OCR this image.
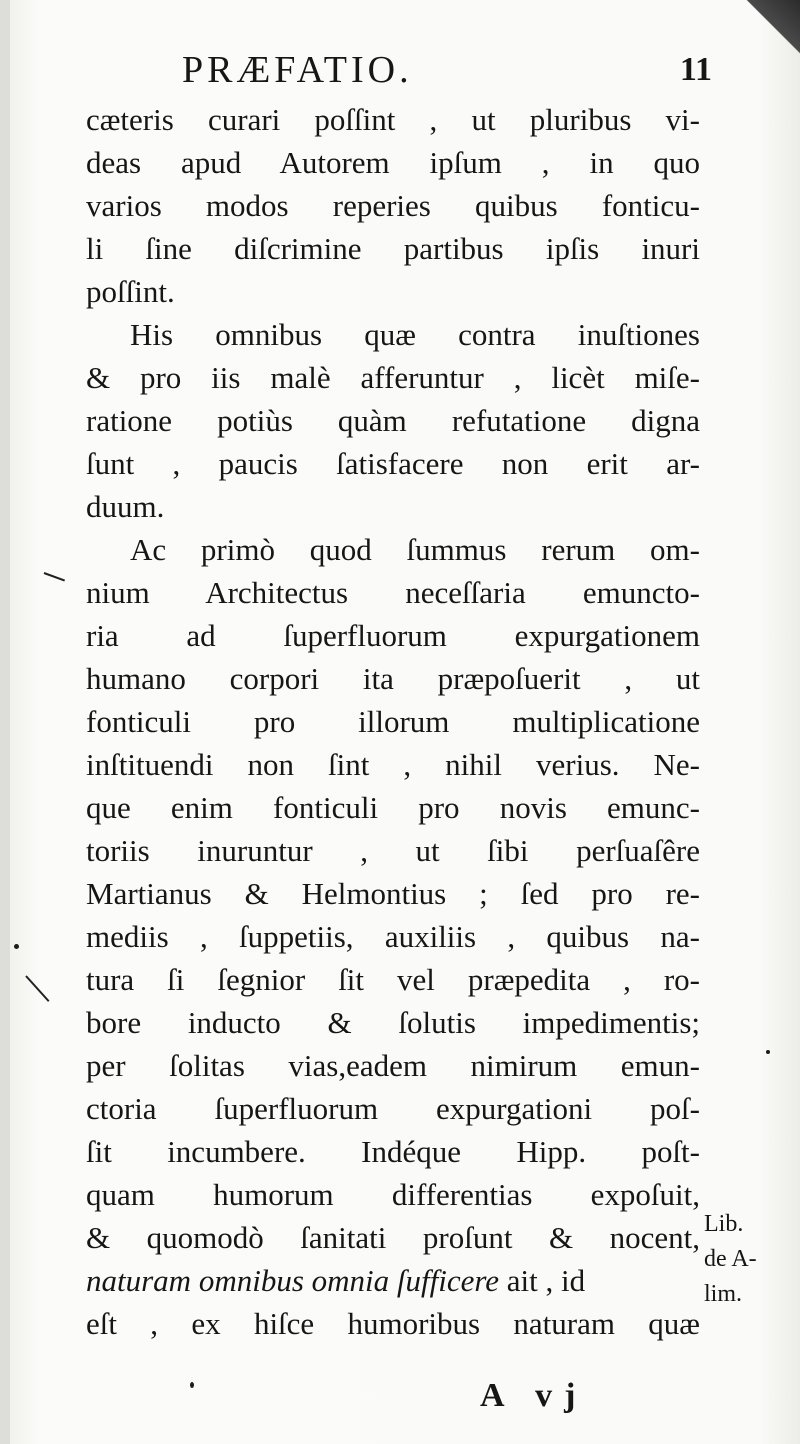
PRÆFATIO.	11
cæteris curari poſſint , ut pluribus vi-
deas apud Autorem ipſum , in quo
varios modos reperies quibus fonticu-
li ſine diſcrimine partibus ipſis inuri
poſſint.
His omnibus quæ contra inuſtiones
& pro iis malè afferuntur , licèt miſe-
ratione potiùs quàm refutatione digna
ſunt , paucis ſatisfacere non erit ar-
duum.
Ac primò quod ſummus rerum om-
nium Architectus neceſſaria emuncto-
ria ad ſuperfluorum expurgationem
humano corpori ita præpoſuerit , ut
fonticuli pro illorum multiplicatione
inſtituendi non ſint , nihil verius. Ne-
que enim fonticuli pro novis emunc-
toriis inuruntur , ut ſibi perſuaſêre
Martianus & Helmontius ; ſed pro re-
mediis , ſuppetiis, auxiliis , quibus na-
tura ſi ſegnior ſit vel præpedita , ro-
bore inducto & ſolutis impedimentis;
per ſolitas vias,eadem nimirum emun-
ctoria ſuperfluorum expurgationi poſ-
ſit incumbere. Indéque Hipp. poſt-
quam humorum differentias expoſuit,
& quomodò ſanitati proſunt & nocent,
naturam omnibus omnia ſufficere ait , id
eſt , ex hiſce humoribus naturam quæ
Lib.
de A-
lim.
A vj
